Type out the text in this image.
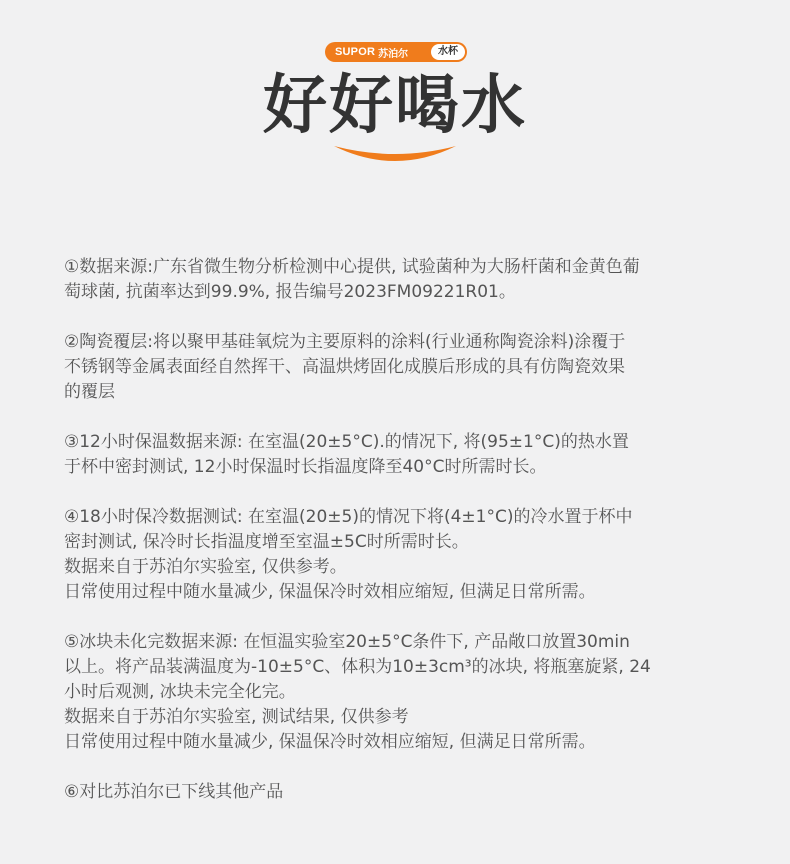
SUPOR 苏泊尔	水杯
好好喝水

①数据来源:广东省微生物分析检测中心提供, 试验菌种为大肠杆菌和金黄色葡
萄球菌, 抗菌率达到99.9%, 报告编号2023FM09221R01。

②陶瓷覆层:将以聚甲基硅氧烷为主要原料的涂料(行业通称陶瓷涂料)涂覆于
不锈钢等金属表面经自然挥干、高温烘烤固化成膜后形成的具有仿陶瓷效果
的覆层

③12小时保温数据来源: 在室温(20±5°C).的情况下, 将(95±1°C)的热水置
于杯中密封测试, 12小时保温时长指温度降至40°C时所需时长。

④18小时保冷数据测试: 在室温(20±5)的情况下将(4±1°C)的冷水置于杯中
密封测试, 保冷时长指温度增至室温±5C时所需时长。
数据来自于苏泊尔实验室, 仅供参考。
日常使用过程中随水量减少, 保温保冷时效相应缩短, 但满足日常所需。

⑤冰块未化完数据来源: 在恒温实验室20±5°C条件下, 产品敞口放置30min
以上。将产品装满温度为-10±5°C、体积为10±3cm³的冰块, 将瓶塞旋紧, 24
小时后观测, 冰块未完全化完。
数据来自于苏泊尔实验室, 测试结果, 仅供参考
日常使用过程中随水量减少, 保温保冷时效相应缩短, 但满足日常所需。

⑥对比苏泊尔已下线其他产品
